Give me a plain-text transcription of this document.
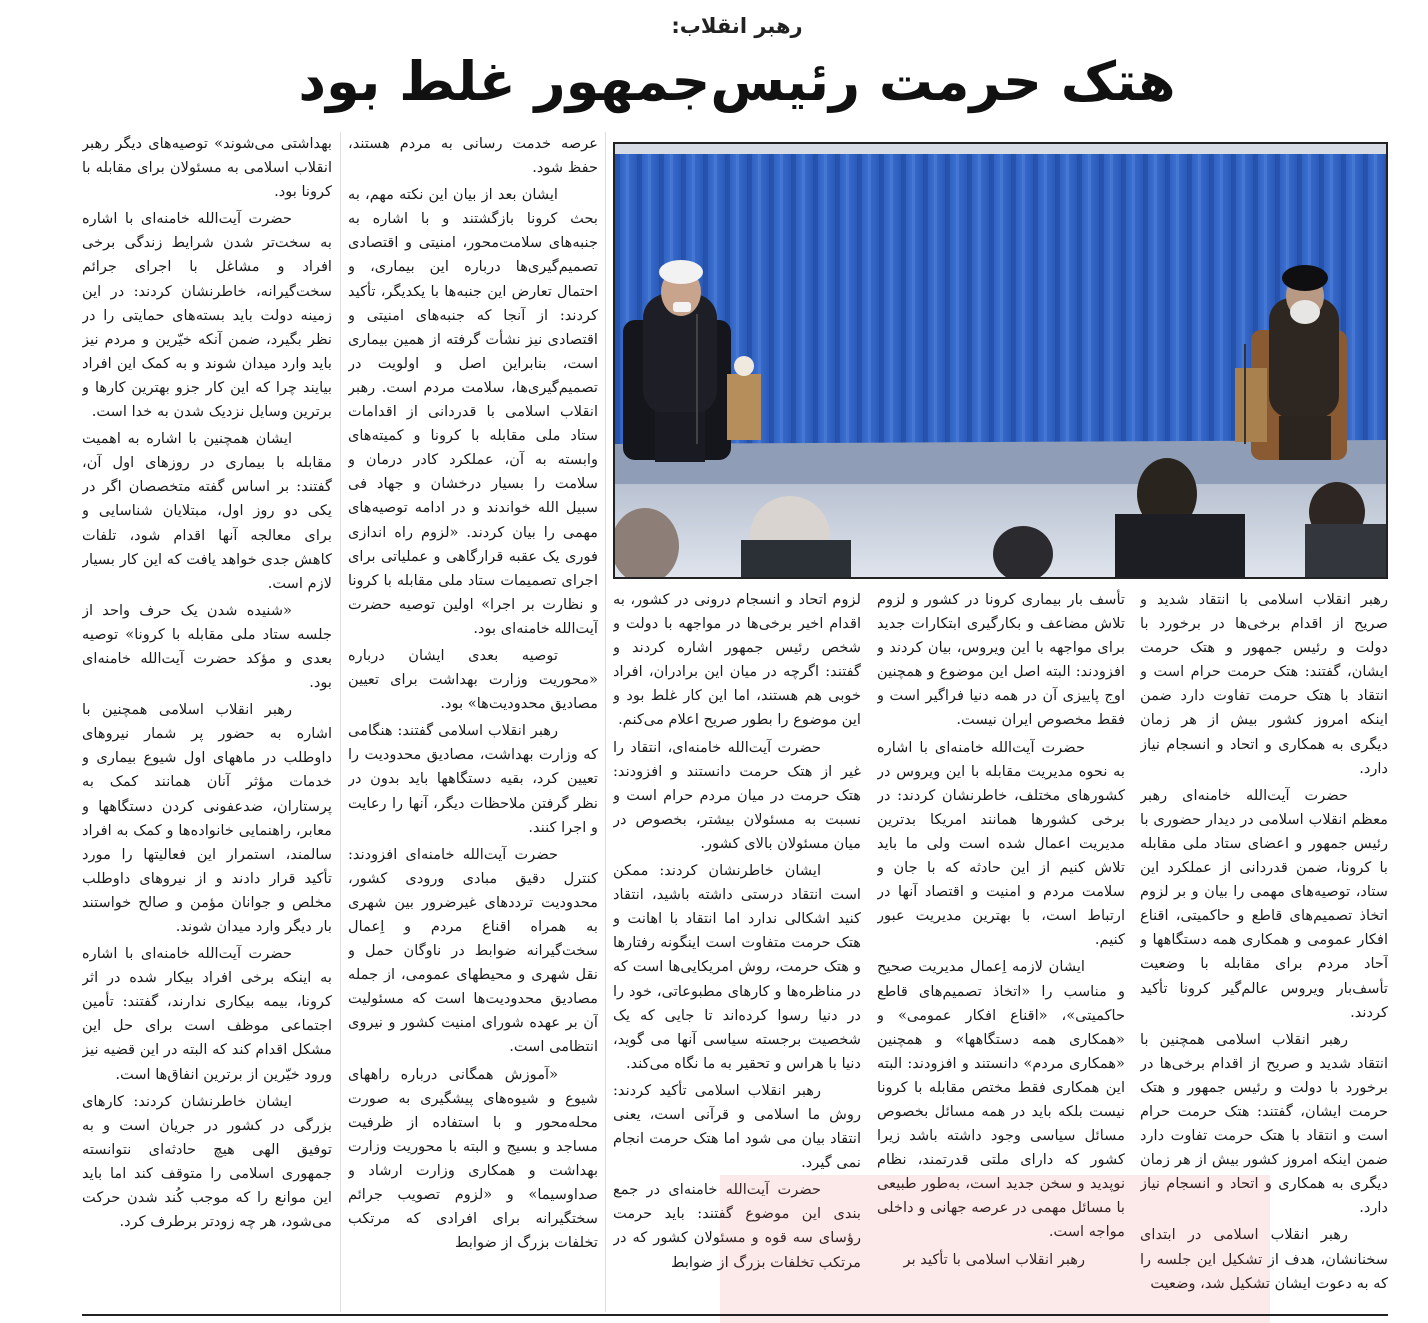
رهبر انقلاب:
هتک حرمت رئیس‌جمهور غلط بود

رهبر انقلاب اسلامی با انتقاد شدید و صریح از اقدام برخی‌ها در برخورد با دولت و رئیس جمهور و هتک حرمت ایشان، گفتند: هتک حرمت حرام است و انتقاد با هتک حرمت تفاوت دارد ضمن اینکه امروز کشور بیش از هر زمان دیگری به همکاری و اتحاد و انسجام نیاز دارد.

حضرت آیت‌الله خامنه‌ای رهبر معظم انقلاب اسلامی در دیدار حضوری با رئیس جمهور و اعضای ستاد ملی مقابله با کرونا، ضمن قدردانی از عملکرد این ستاد، توصیه‌های مهمی را بیان و بر لزوم اتخاذ تصمیم‌های قاطع و حاکمیتی، اقناع افکار عمومی و همکاری همه دستگاهها و آحاد مردم برای مقابله با وضعیت تأسف‌بار ویروس عالم‌گیر کرونا تأکید کردند.

رهبر انقلاب اسلامی همچنین با انتقاد شدید و صریح از اقدام برخی‌ها در برخورد با دولت و رئیس جمهور و هتک حرمت ایشان، گفتند: هتک حرمت حرام است و انتقاد با هتک حرمت تفاوت دارد ضمن اینکه امروز کشور بیش از هر زمان دیگری به همکاری و اتحاد و انسجام نیاز دارد.

رهبر انقلاب اسلامی در ابتدای سخنانشان، هدف از تشکیل این جلسه را که به دعوت ایشان تشکیل شد، وضعیت

تأسف بار بیماری کرونا در کشور و لزوم تلاش مضاعف و بکارگیری ابتکارات جدید برای مواجهه با این ویروس، بیان کردند و افزودند: البته اصل این موضوع و همچنین اوج پاییزی آن در همه دنیا فراگیر است و فقط مخصوص ایران نیست.

حضرت آیت‌الله خامنه‌ای با اشاره به نحوه مدیریت مقابله با این ویروس در کشورهای مختلف، خاطرنشان کردند: در برخی کشورها همانند امریکا بدترین مدیریت اعمال شده است ولی ما باید تلاش کنیم از این حادثه که با جان و سلامت مردم و امنیت و اقتصاد آنها در ارتباط است، با بهترین مدیریت عبور کنیم.

ایشان لازمه اِعمال مدیریت صحیح و مناسب را «اتخاذ تصمیم‌های قاطع حاکمیتی»، «اقناع افکار عمومی» و «همکاری همه دستگاهها» و همچنین «همکاری مردم» دانستند و افزودند: البته این همکاری فقط مختص مقابله با کرونا نیست بلکه باید در همه مسائل بخصوص مسائل سیاسی وجود داشته باشد زیرا کشور که دارای ملتی قدرتمند، نظام نوپدید و سخن جدید است، به‌طور طبیعی با مسائل مهمی در عرصه جهانی و داخلی مواجه است.

رهبر انقلاب اسلامی با تأکید بر

لزوم اتحاد و انسجام درونی در کشور، به اقدام اخیر برخی‌ها در مواجهه با دولت و شخص رئیس جمهور اشاره کردند و گفتند: اگرچه در میان این برادران، افراد خوبی هم هستند، اما این کار غلط بود و این موضوع را بطور صریح اعلام می‌کنم.

حضرت آیت‌الله خامنه‌ای، انتقاد را غیر از هتک حرمت دانستند و افزودند: هتک حرمت در میان مردم حرام است و نسبت به مسئولان بیشتر، بخصوص در میان مسئولان بالای کشور.

ایشان خاطرنشان کردند: ممکن است انتقاد درستی داشته باشید، انتقاد کنید اشکالی ندارد اما انتقاد با اهانت و هتک حرمت متفاوت است اینگونه رفتارها و هتک حرمت، روش امریکایی‌ها است که در مناظره‌ها و کارهای مطبوعاتی، خود را در دنیا رسوا کرده‌اند تا جایی که یک شخصیت برجسته سیاسی آنها می گوید، دنیا با هراس و تحقیر به ما نگاه می‌کند.

رهبر انقلاب اسلامی تأکید کردند: روش ما اسلامی و قرآنی است، یعنی انتقاد بیان می شود اما هتک حرمت انجام نمی گیرد.

حضرت آیت‌الله خامنه‌ای در جمع بندی این موضوع گفتند: باید حرمت رؤسای سه قوه و مسئولان کشور که در مرتکب تخلفات بزرگ از ضوابط

عرصه خدمت رسانی به مردم هستند، حفظ شود.

ایشان بعد از بیان این نکته مهم، به بحث کرونا بازگشتند و با اشاره به جنبه‌های سلامت‌محور، امنیتی و اقتصادی تصمیم‌گیری‌ها درباره این بیماری، و احتمال تعارض این جنبه‌ها با یکدیگر، تأکید کردند: از آنجا که جنبه‌های امنیتی و اقتصادی نیز نشأت گرفته از همین بیماری است، بنابراین اصل و اولویت در تصمیم‌گیری‌ها، سلامت مردم است. رهبر انقلاب اسلامی با قدردانی از اقدامات ستاد ملی مقابله با کرونا و کمیته‌های وابسته به آن، عملکرد کادر درمان و سلامت را بسیار درخشان و جهاد فی سبیل الله خواندند و در ادامه توصیه‌های مهمی را بیان کردند. «لزوم راه اندازی فوری یک عقبه قرارگاهی و عملیاتی برای اجرای تصمیمات ستاد ملی مقابله با کرونا و نظارت بر اجرا» اولین توصیه حضرت آیت‌الله خامنه‌ای بود.

توصیه بعدی ایشان درباره «محوریت وزارت بهداشت برای تعیین مصادیق محدودیت‌ها» بود.

رهبر انقلاب اسلامی گفتند: هنگامی که وزارت بهداشت، مصادیق محدودیت را تعیین کرد، بقیه دستگاهها باید بدون در نظر گرفتن ملاحظات دیگر، آنها را رعایت و اجرا کنند.

حضرت آیت‌الله خامنه‌ای افزودند: کنترل دقیق مبادی ورودی کشور، محدودیت ترددهای غیرضرور بین شهری به همراه اقناع مردم و اِعمال سخت‌گیرانه ضوابط در ناوگان حمل و نقل شهری و محیطهای عمومی، از جمله مصادیق محدودیت‌ها است که مسئولیت آن بر عهده شورای امنیت کشور و نیروی انتظامی است.

«آموزش همگانی درباره راههای شیوع و شیوه‌های پیشگیری به صورت محله‌محور و با استفاده از ظرفیت مساجد و بسیج و البته با محوریت وزارت بهداشت و همکاری وزارت ارشاد و صداوسیما» و «لزوم تصویب جرائم سختگیرانه برای افرادی که مرتکب تخلفات بزرگ از ضوابط

بهداشتی می‌شوند» توصیه‌های دیگر رهبر انقلاب اسلامی به مسئولان برای مقابله با کرونا بود.

حضرت آیت‌الله خامنه‌ای با اشاره به سخت‌تر شدن شرایط زندگی برخی افراد و مشاغل با اجرای جرائم سخت‌گیرانه، خاطرنشان کردند: در این زمینه دولت باید بسته‌های حمایتی را در نظر بگیرد، ضمن آنکه خیّرین و مردم نیز باید وارد میدان شوند و به کمک این افراد بیایند چرا که این کار جزو بهترین کارها و برترین وسایل نزدیک شدن به خدا است.

ایشان همچنین با اشاره به اهمیت مقابله با بیماری در روزهای اول آن، گفتند: بر اساس گفته متخصصان اگر در یکی دو روز اول، مبتلایان شناسایی و برای معالجه آنها اقدام شود، تلفات کاهش جدی خواهد یافت که این کار بسیار لازم است.

«شنیده شدن یک حرف واحد از جلسه ستاد ملی مقابله با کرونا» توصیه بعدی و مؤکد حضرت آیت‌الله خامنه‌ای بود.

رهبر انقلاب اسلامی همچنین با اشاره به حضور پر شمار نیروهای داوطلب در ماههای اول شیوع بیماری و خدمات مؤثر آنان همانند کمک به پرستاران، ضدعفونی کردن دستگاهها و معابر، راهنمایی خانواده‌ها و کمک به افراد سالمند، استمرار این فعالیتها را مورد تأکید قرار دادند و از نیروهای داوطلب مخلص و جوانان مؤمن و صالح خواستند بار دیگر وارد میدان شوند.

حضرت آیت‌الله خامنه‌ای با اشاره به اینکه برخی افراد بیکار شده در اثر کرونا، بیمه بیکاری ندارند، گفتند: تأمین اجتماعی موظف است برای حل این مشکل اقدام کند که البته در این قضیه نیز ورود خیّرین از برترین انفاق‌ها است.

ایشان خاطرنشان کردند: کارهای بزرگی در کشور در جریان است و به توفیق الهی هیچ حادثه‌ای نتوانسته جمهوری اسلامی را متوقف کند اما باید این موانع را که موجب کُند شدن حرکت می‌شود، هر چه زودتر برطرف کرد.
